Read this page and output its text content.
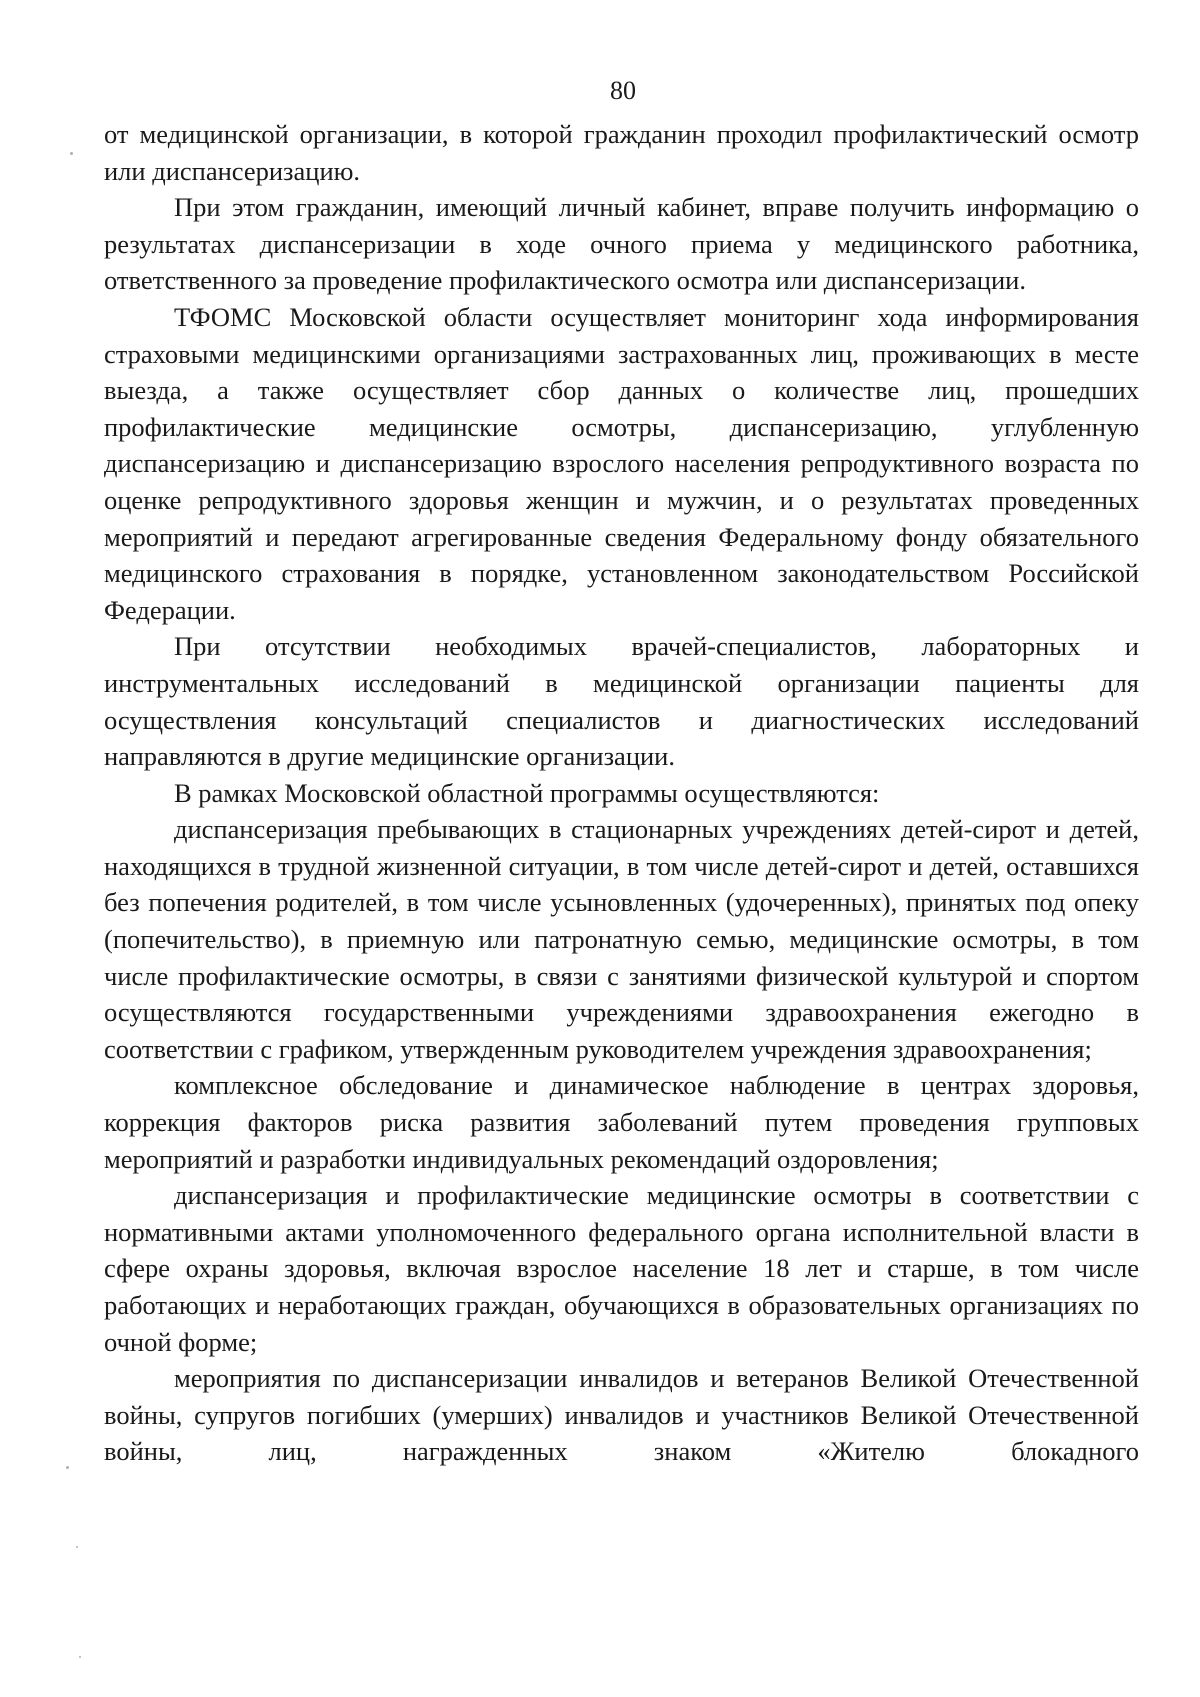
80

от медицинской организации, в которой гражданин проходил профилактический осмотр или диспансеризацию.

При этом гражданин, имеющий личный кабинет, вправе получить информацию о результатах диспансеризации в ходе очного приема у медицинского работника, ответственного за проведение профилактического осмотра или диспансеризации.

ТФОМС Московской области осуществляет мониторинг хода информирования страховыми медицинскими организациями застрахованных лиц, проживающих в месте выезда, а также осуществляет сбор данных о количестве лиц, прошедших профилактические медицинские осмотры, диспансеризацию, углубленную диспансеризацию и диспансеризацию взрослого населения репродуктивного возраста по оценке репродуктивного здоровья женщин и мужчин, и о результатах проведенных мероприятий и передают агрегированные сведения Федеральному фонду обязательного медицинского страхования в порядке, установленном законодательством Российской Федерации.

При отсутствии необходимых врачей-специалистов, лабораторных и инструментальных исследований в медицинской организации пациенты для осуществления консультаций специалистов и диагностических исследований направляются в другие медицинские организации.

В рамках Московской областной программы осуществляются:

диспансеризация пребывающих в стационарных учреждениях детей-сирот и детей, находящихся в трудной жизненной ситуации, в том числе детей-сирот и детей, оставшихся без попечения родителей, в том числе усыновленных (удочеренных), принятых под опеку (попечительство), в приемную или патронатную семью, медицинские осмотры, в том числе профилактические осмотры, в связи с занятиями физической культурой и спортом осуществляются государственными учреждениями здравоохранения ежегодно в соответствии с графиком, утвержденным руководителем учреждения здравоохранения;

комплексное обследование и динамическое наблюдение в центрах здоровья, коррекция факторов риска развития заболеваний путем проведения групповых мероприятий и разработки индивидуальных рекомендаций оздоровления;

диспансеризация и профилактические медицинские осмотры в соответствии с нормативными актами уполномоченного федерального органа исполнительной власти в сфере охраны здоровья, включая взрослое население 18 лет и старше, в том числе работающих и неработающих граждан, обучающихся в образовательных организациях по очной форме;

мероприятия по диспансеризации инвалидов и ветеранов Великой Отечественной войны, супругов погибших (умерших) инвалидов и участников Великой Отечественной войны, лиц, награжденных знаком «Жителю блокадного
